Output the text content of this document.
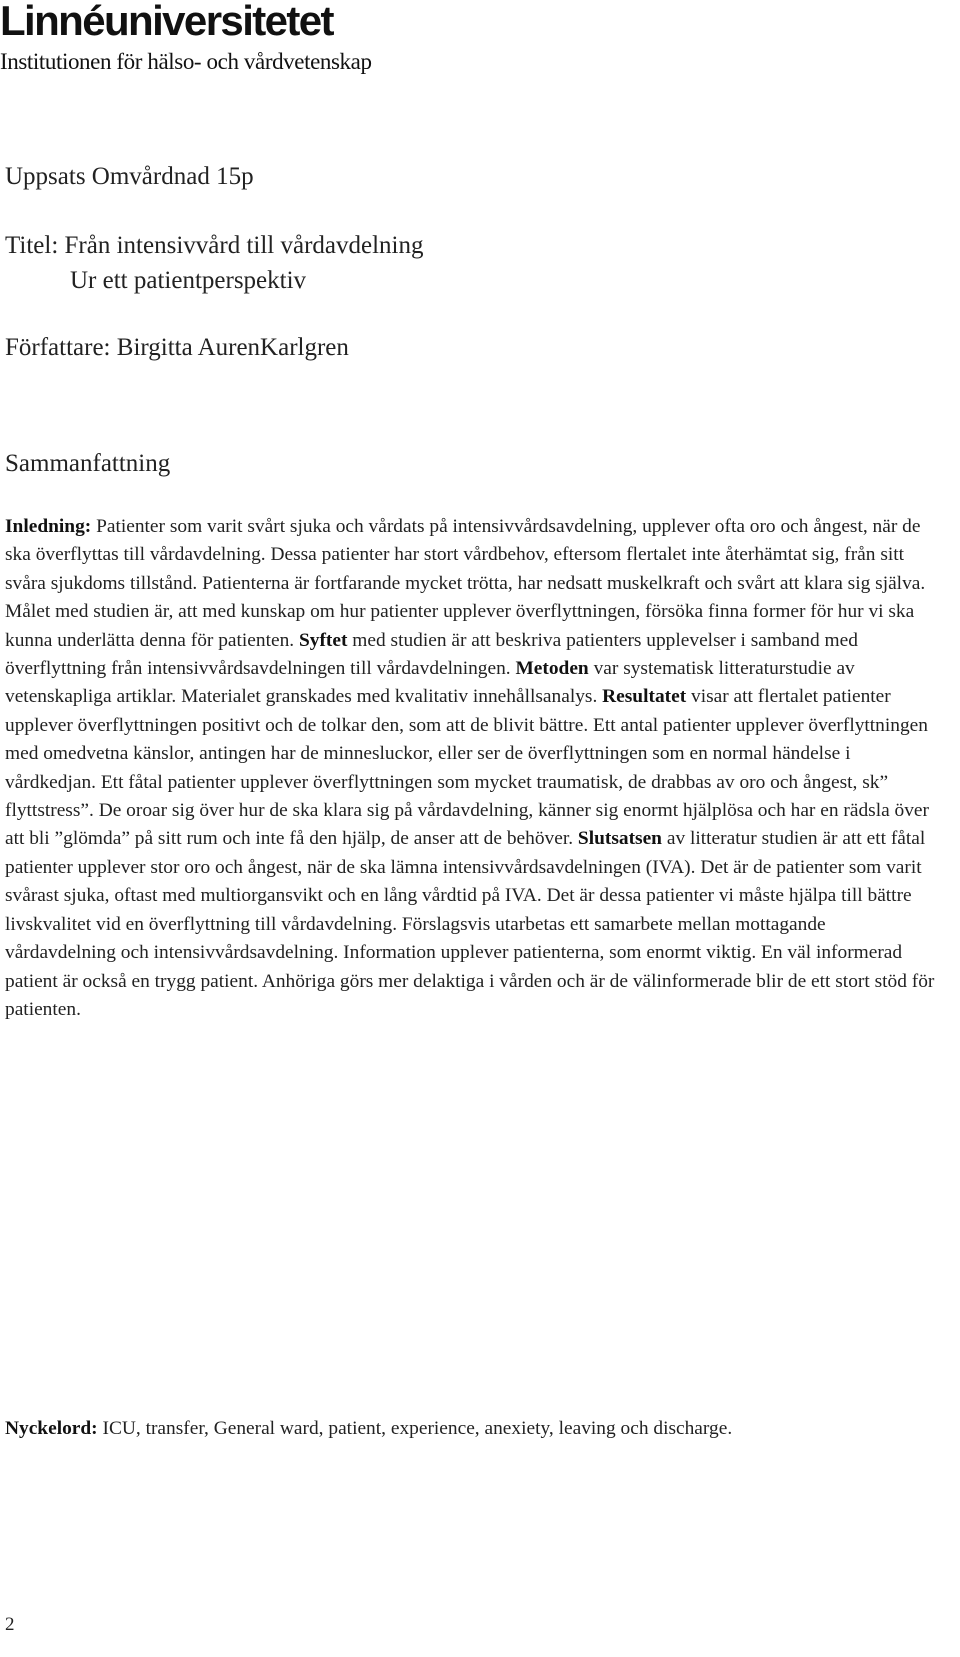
Linnéuniversitetet
Institutionen för hälso- och vårdvetenskap
Uppsats Omvårdnad 15p
Titel: Från intensivvård till vårdavdelning
Ur ett patientperspektiv
Författare: Birgitta AurenKarlgren
Sammanfattning

Inledning: Patienter som varit svårt sjuka och vårdats på intensivvårdsavdelning, upplever ofta oro och ångest, när de ska överflyttas till vårdavdelning. Dessa patienter har stort vårdbehov, eftersom flertalet inte återhämtat sig, från sitt svåra sjukdoms tillstånd. Patienterna är fortfarande mycket trötta, har nedsatt muskelkraft och svårt att klara sig själva. Målet med studien är, att med kunskap om hur patienter upplever överflyttningen, försöka finna former för hur vi ska kunna underlätta denna för patienten. Syftet med studien är att beskriva patienters upplevelser i samband med överflyttning från intensivvårdsavdelningen till vårdavdelningen. Metoden var systematisk litteraturstudie av vetenskapliga artiklar. Materialet granskades med kvalitativ innehållsanalys. Resultatet visar att flertalet patienter upplever överflyttningen positivt och de tolkar den, som att de blivit bättre. Ett antal patienter upplever överflyttningen med omedvetna känslor, antingen har de minnesluckor, eller ser de överflyttningen som en normal händelse i vårdkedjan. Ett fåtal patienter upplever överflyttningen som mycket traumatisk, de drabbas av oro och ångest, sk” flyttstress”. De oroar sig över hur de ska klara sig på vårdavdelning, känner sig enormt hjälplösa och har en rädsla över att bli ”glömda” på sitt rum och inte få den hjälp, de anser att de behöver. Slutsatsen av litteratur studien är att ett fåtal patienter upplever stor oro och ångest, när de ska lämna intensivvårdsavdelningen (IVA). Det är de patienter som varit svårast sjuka, oftast med multiorgansvikt och en lång vårdtid på IVA. Det är dessa patienter vi måste hjälpa till bättre livskvalitet vid en överflyttning till vårdavdelning. Förslagsvis utarbetas ett samarbete mellan mottagande vårdavdelning och intensivvårdsavdelning. Information upplever patienterna, som enormt viktig. En väl informerad patient är också en trygg patient. Anhöriga görs mer delaktiga i vården och är de välinformerade blir de ett stort stöd för patienten.

Nyckelord: ICU, transfer, General ward, patient, experience, anexiety, leaving och discharge.
2
